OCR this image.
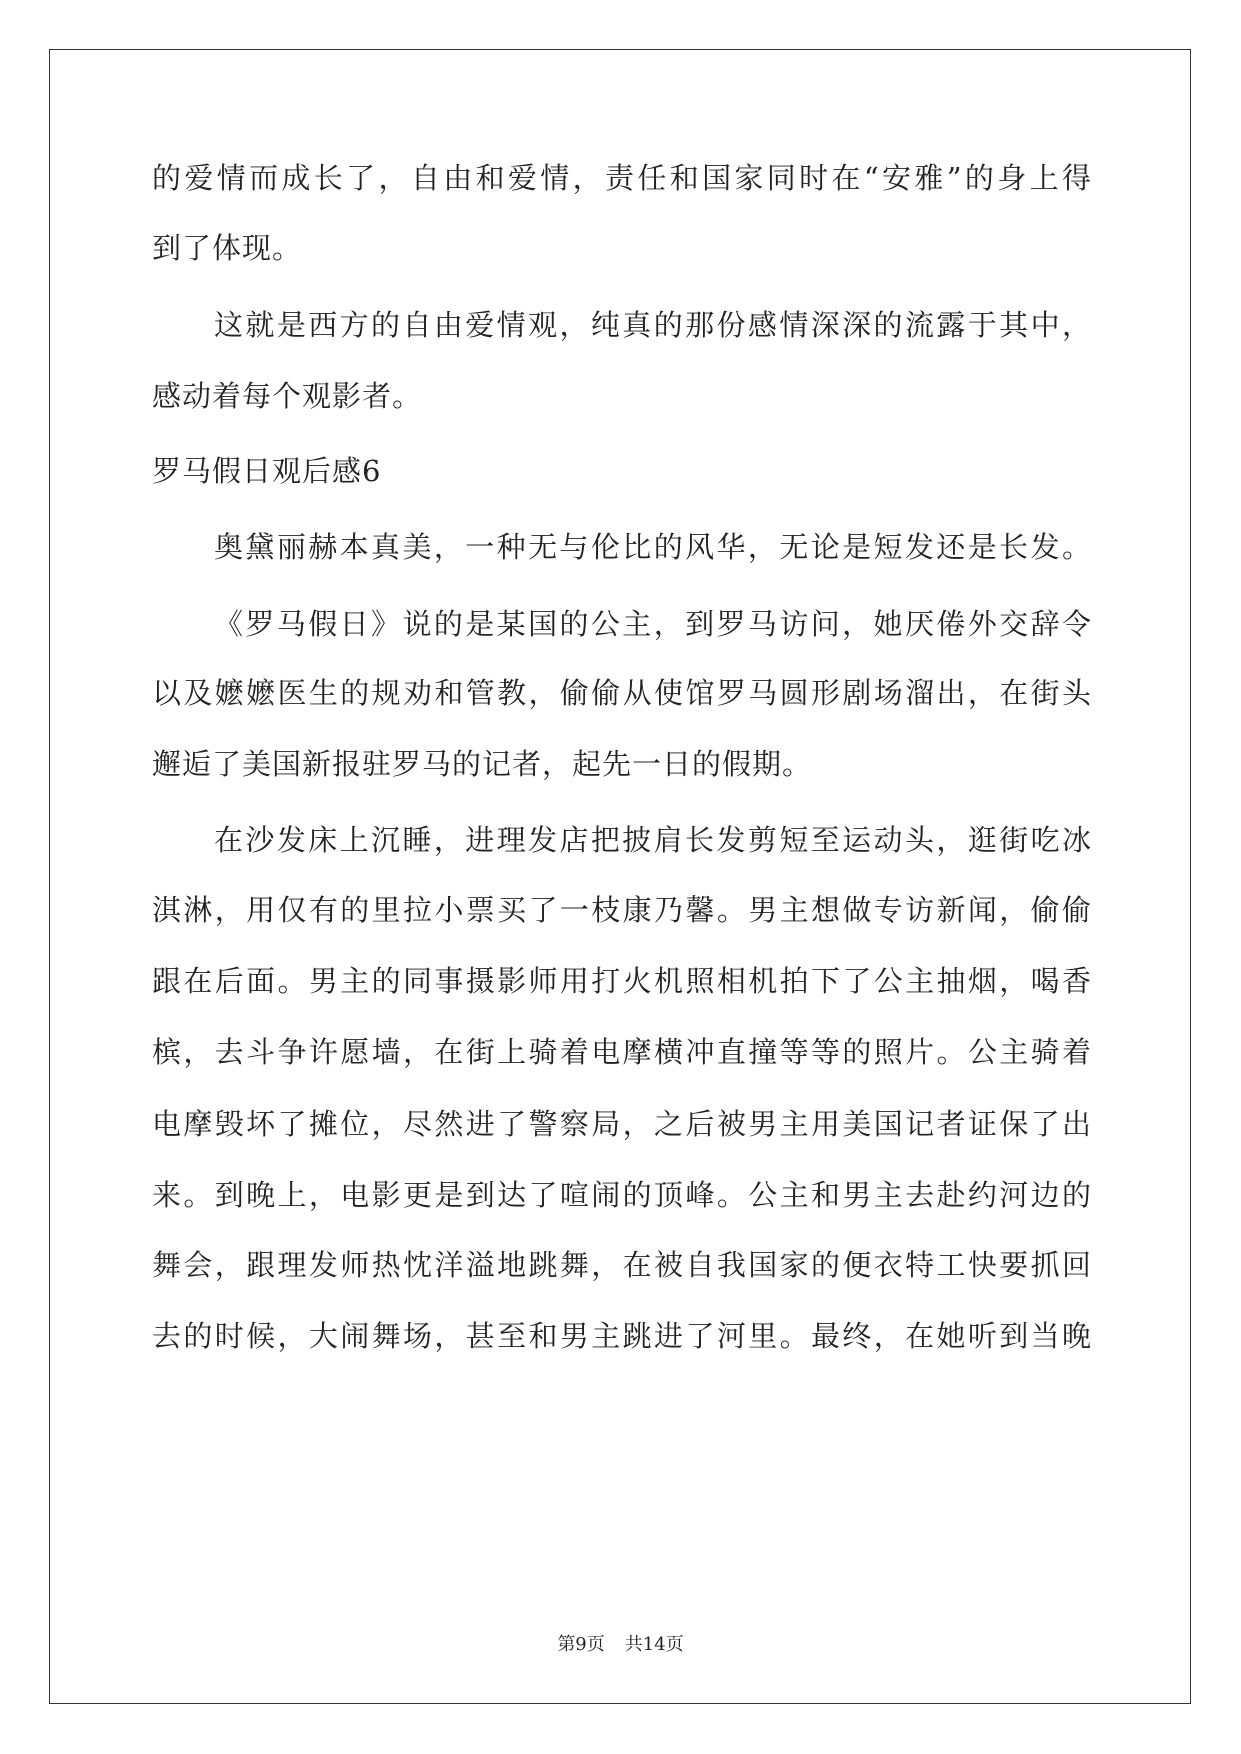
的爱情而成长了，自由和爱情，责任和国家同时在“安雅”的身上得
到了体现。
这就是西方的自由爱情观，纯真的那份感情深深的流露于其中，
感动着每个观影者。
罗马假日观后感6
奥黛丽赫本真美，一种无与伦比的风华，无论是短发还是长发。
《罗马假日》说的是某国的公主，到罗马访问，她厌倦外交辞令
以及嬷嬷医生的规劝和管教，偷偷从使馆罗马圆形剧场溜出，在街头
邂逅了美国新报驻罗马的记者，起先一日的假期。
在沙发床上沉睡，进理发店把披肩长发剪短至运动头，逛街吃冰
淇淋，用仅有的里拉小票买了一枝康乃馨。男主想做专访新闻，偷偷
跟在后面。男主的同事摄影师用打火机照相机拍下了公主抽烟，喝香
槟，去斗争许愿墙，在街上骑着电摩横冲直撞等等的照片。公主骑着
电摩毁坏了摊位，尽然进了警察局，之后被男主用美国记者证保了出
来。到晚上，电影更是到达了喧闹的顶峰。公主和男主去赴约河边的
舞会，跟理发师热忱洋溢地跳舞，在被自我国家的便衣特工快要抓回
去的时候，大闹舞场，甚至和男主跳进了河里。最终，在她听到当晚
第9页 共14页
